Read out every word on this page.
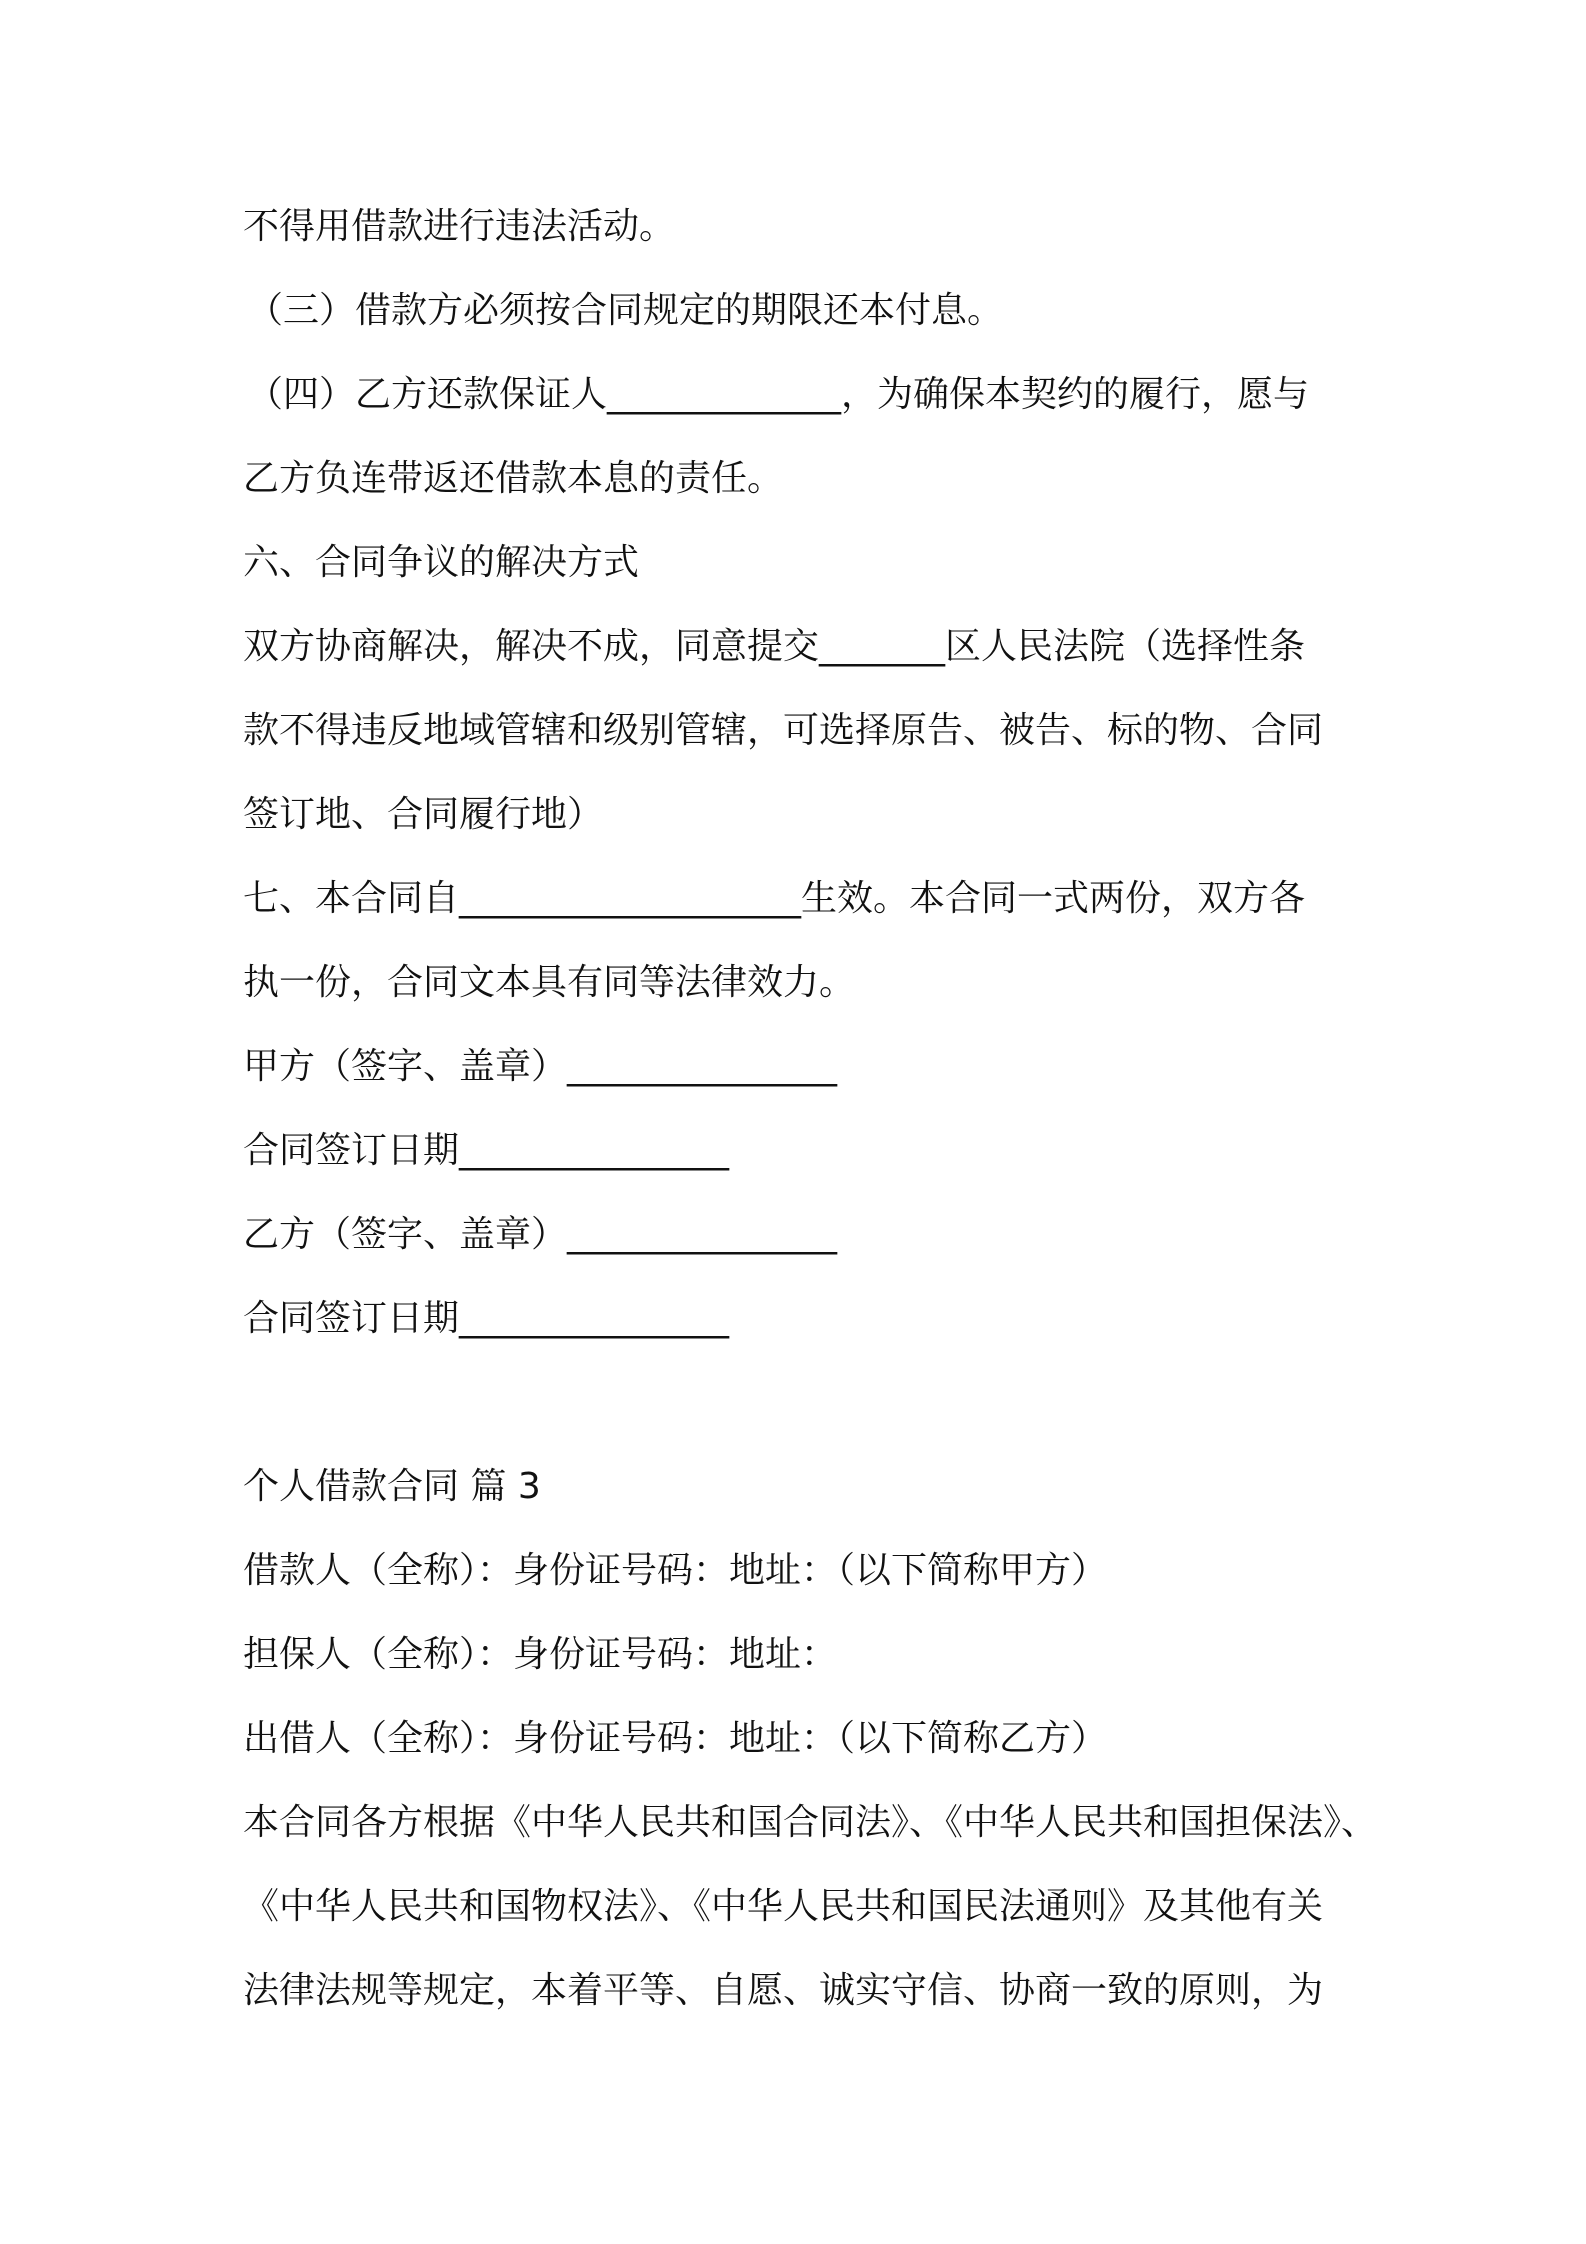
不得用借款进行违法活动。
（三）借款方必须按合同规定的期限还本付息。
（四）乙方还款保证人_____________，为确保本契约的履行，愿与
乙方负连带返还借款本息的责任。
六、合同争议的解决方式
双方协商解决，解决不成，同意提交_______区人民法院（选择性条
款不得违反地域管辖和级别管辖，可选择原告、被告、标的物、合同
签订地、合同履行地）
七、本合同自___________________生效。本合同一式两份，双方各
执一份，合同文本具有同等法律效力。
甲方（签字、盖章）_______________
合同签订日期_______________
乙方（签字、盖章）_______________
合同签订日期_______________
个人借款合同 篇 3
借款人（全称）：身份证号码：地址：（以下简称甲方）
担保人（全称）：身份证号码：地址：
出借人（全称）：身份证号码：地址：（以下简称乙方）
本合同各方根据《中华人民共和国合同法》、《中华人民共和国担保法》、
《中华人民共和国物权法》、《中华人民共和国民法通则》及其他有关
法律法规等规定，本着平等、自愿、诚实守信、协商一致的原则，为
